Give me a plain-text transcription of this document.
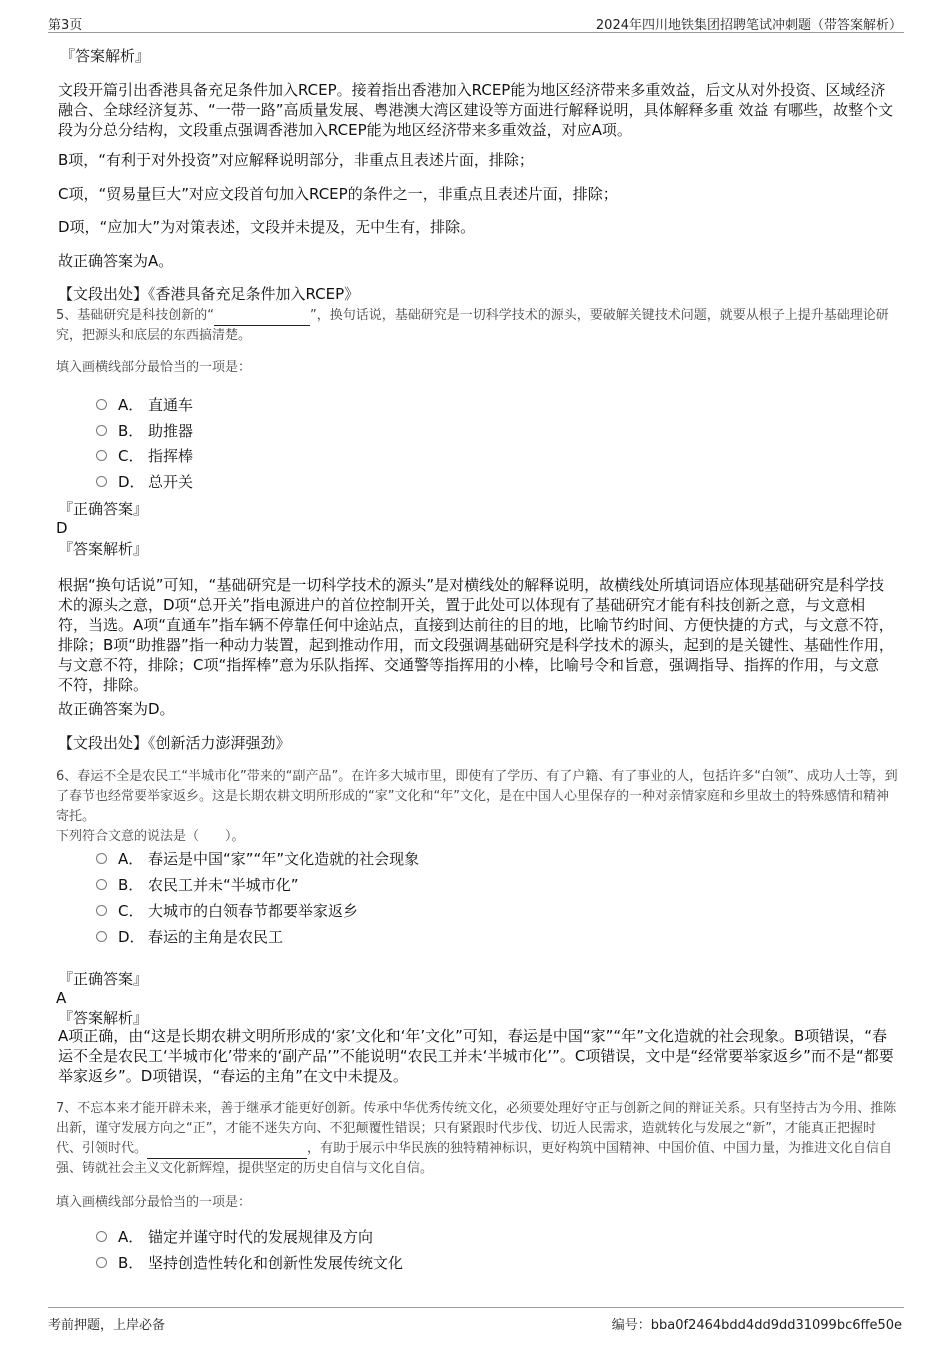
第3页	2024年四川地铁集团招聘笔试冲刺题（带答案解析）
『答案解析』
文段开篇引出香港具备充足条件加入RCEP。接着指出香港加入RCEP能为地区经济带来多重效益，后文从对外投资、区域经济融合、全球经济复苏、“一带一路”高质量发展、粤港澳大湾区建设等方面进行解释说明，具体解释多重 效益 有哪些，故整个文段为分总分结构，文段重点强调香港加入RCEP能为地区经济带来多重效益，对应A项。
B项，“有利于对外投资”对应解释说明部分，非重点且表述片面，排除；
C项，“贸易量巨大”对应文段首句加入RCEP的条件之一，非重点且表述片面，排除；
D项，“应加大”为对策表述，文段并未提及，无中生有，排除。
故正确答案为A。
【文段出处】《香港具备充足条件加入RCEP》
5、基础研究是科技创新的“	”，换句话说，基础研究是一切科学技术的源头，要破解关键技术问题，就要从根子上提升基础理论研究，把源头和底层的东西搞清楚。
填入画横线部分最恰当的一项是：
A． 直通车
B． 助推器
C． 指挥棒
D． 总开关
『正确答案』
D
『答案解析』
根据“换句话说”可知，“基础研究是一切科学技术的源头”是对横线处的解释说明，故横线处所填词语应体现基础研究是科学技术的源头之意，D项“总开关”指电源进户的首位控制开关，置于此处可以体现有了基础研究才能有科技创新之意，与文意相符，当选。A项“直通车”指车辆不停靠任何中途站点，直接到达前往的目的地，比喻节约时间、方便快捷的方式，与文意不符，排除；B项“助推器”指一种动力装置，起到推动作用，而文段强调基础研究是科学技术的源头，起到的是关键性、基础性作用，与文意不符，排除；C项“指挥棒”意为乐队指挥、交通警等指挥用的小棒，比喻号令和旨意，强调指导、指挥的作用，与文意不符，排除。
故正确答案为D。
【文段出处】《创新活力澎湃强劲》
6、春运不全是农民工“半城市化”带来的“副产品”。在许多大城市里，即使有了学历、有了户籍、有了事业的人，包括许多“白领”、成功人士等，到了春节也经常要举家返乡。这是长期农耕文明所形成的“家”文化和“年”文化，是在中国人心里保存的一种对亲情家庭和乡里故土的特殊感情和精神寄托。
下列符合文意的说法是（　　）。
A． 春运是中国“家”“年”文化造就的社会现象
B． 农民工并未“半城市化”
C． 大城市的白领春节都要举家返乡
D． 春运的主角是农民工
『正确答案』
A
『答案解析』
A项正确，由“这是长期农耕文明所形成的‘家’文化和‘年’文化”可知，春运是中国“家”“年”文化造就的社会现象。B项错误，“春运不全是农民工‘半城市化’带来的‘副产品’”不能说明“农民工并未‘半城市化’”。C项错误，文中是“经常要举家返乡”而不是“都要举家返乡”。D项错误，“春运的主角”在文中未提及。
7、不忘本来才能开辟未来，善于继承才能更好创新。传承中华优秀传统文化，必须要处理好守正与创新之间的辩证关系。只有坚持古为今用、推陈出新，谨守发展方向之“正”，才能不迷失方向、不犯颠覆性错误；只有紧跟时代步伐、切近人民需求，造就转化与发展之“新”，才能真正把握时代、引领时代。	，有助于展示中华民族的独特精神标识，更好构筑中国精神、中国价值、中国力量，为推进文化自信自强、铸就社会主义文化新辉煌，提供坚定的历史自信与文化自信。
填入画横线部分最恰当的一项是：
A． 锚定并谨守时代的发展规律及方向
B． 坚持创造性转化和创新性发展传统文化
考前押题，上岸必备	编号：bba0f2464bdd4dd9dd31099bc6ffe50e
